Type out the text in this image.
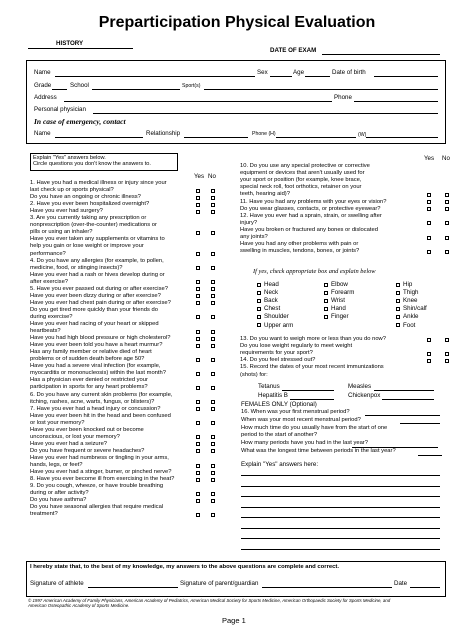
Preparticipation Physical Evaluation
HISTORY
DATE OF EXAM
Name	Sex	Age	Date of birth
Grade	School	Sport(s)
Address	Phone
Personal physician
In case of emergency, contact
Name	Relationship	Phone (H)	(W)
Explain "Yes" answers below.
Circle questions you don't know the answers to.
Yes No
Yes No
If yes, check appropriate box and explain below
Tetanus	Measles
Hepatitis B	Chickenpox
FEMALES ONLY (Optional)
Explain "Yes" answers here:
I hereby state that, to the best of my knowledge, my answers to the above questions are complete and correct.
Signature of athlete	Signature of parent/guardian	Date
© 1997 American Academy of Family Physicians, American Academy of Pediatrics, American Medical Society for Sports Medicine, American Orthopaedic Society for Sports Medicine, and
American Osteopathic Academy of Sports Medicine.
Page 1
1. Have you had a medical illness or injury since your
last check up or sports physical?
Do you have an ongoing or chronic illness?
2. Have you ever been hospitalized overnight?
Have you ever had surgery?
3. Are you currently taking any prescription or
nonprescription (over-the-counter) medications or
pills or using an inhaler?
Have you ever taken any supplements or vitamins to
help you gain or lose weight or improve your
performance?
4. Do you have any allergies (for example, to pollen,
medicine, food, or stinging insects)?
Have you ever had a rash or hives develop during or
after exercise?
5. Have you ever passed out during or after exercise?
Have you ever been dizzy during or after exercise?
Have you ever had chest pain during or after exercise?
Do you get tired more quickly than your friends do
during exercise?
Have you ever had racing of your heart or skipped
heartbeats?
Have you had high blood pressure or high cholesterol?
Have you ever been told you have a heart murmur?
Has any family member or relative died of heart
problems or of sudden death before age 50?
Have you had a severe viral infection (for example,
myocarditis or mononucleosis) within the last month?
Has a physician ever denied or restricted your
participation in sports for any heart problems?
6. Do you have any current skin problems (for example,
itching, rashes, acne, warts, fungus, or blisters)?
7. Have you ever had a head injury or concussion?
Have you ever been hit in the head and been confused
or lost your memory?
Have you ever been knocked out or become
unconscious, or lost your memory?
Have you ever had a seizure?
Do you have frequent or severe headaches?
Have you ever had numbness or tingling in your arms,
hands, legs, or feet?
Have you ever had a stinger, burner, or pinched nerve?
8. Have you ever become ill from exercising in the heat?
9. Do you cough, wheeze, or have trouble breathing
during or after activity?
Do you have asthma?
Do you have seasonal allergies that require medical
treatment?
10. Do you use any special protective or corrective
equipment or devices that aren't usually used for
your sport or position (for example, knee brace,
special neck roll, foot orthotics, retainer on your
teeth, hearing aid)?
11. Have you had any problems with your eyes or vision?
Do you wear glasses, contacts, or protective eyewear?
12. Have you ever had a sprain, strain, or swelling after
injury?
Have you broken or fractured any bones or dislocated
any joints?
Have you had any other problems with pain or
swelling in muscles, tendons, bones, or joints?
Head	Elbow	Hip
Neck	Forearm	Thigh
Back	Wrist	Knee
Chest	Hand	Shin/calf
Shoulder	Finger	Ankle
Upper arm	Foot
13. Do you want to weigh more or less than you do now?
Do you lose weight regularly to meet weight
requirements for your sport?
14. Do you feel stressed out?
15. Record the dates of your most recent immunizations
(shots) for:
16. When was your first menstrual period?
When was your most recent menstrual period?
How much time do you usually have from the start of one
period to the start of another?
How many periods have you had in the last year?
What was the longest time between periods in the last year?
